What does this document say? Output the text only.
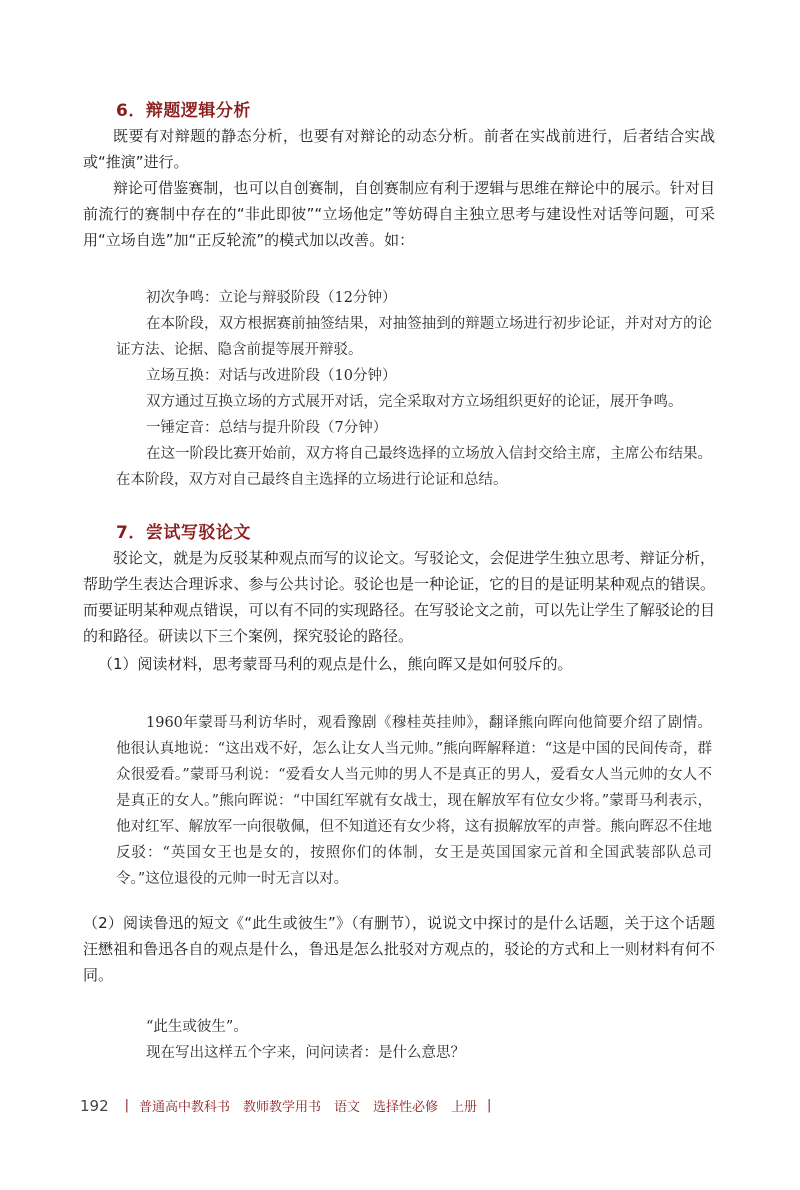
6．辩题逻辑分析

既要有对辩题的静态分析，也要有对辩论的动态分析。前者在实战前进行，后者结合实战或“推演”进行。

辩论可借鉴赛制，也可以自创赛制，自创赛制应有利于逻辑与思维在辩论中的展示。针对目前流行的赛制中存在的“非此即彼”“立场他定”等妨碍自主独立思考与建设性对话等问题，可采用“立场自选”加“正反轮流”的模式加以改善。如：

初次争鸣：立论与辩驳阶段（12分钟）

在本阶段，双方根据赛前抽签结果，对抽签抽到的辩题立场进行初步论证，并对对方的论证方法、论据、隐含前提等展开辩驳。

立场互换：对话与改进阶段（10分钟）

双方通过互换立场的方式展开对话，完全采取对方立场组织更好的论证，展开争鸣。

一锤定音：总结与提升阶段（7分钟）

在这一阶段比赛开始前，双方将自己最终选择的立场放入信封交给主席，主席公布结果。在本阶段，双方对自己最终自主选择的立场进行论证和总结。

7．尝试写驳论文

驳论文，就是为反驳某种观点而写的议论文。写驳论文，会促进学生独立思考、辩证分析，帮助学生表达合理诉求、参与公共讨论。驳论也是一种论证，它的目的是证明某种观点的错误。而要证明某种观点错误，可以有不同的实现路径。在写驳论文之前，可以先让学生了解驳论的目的和路径。研读以下三个案例，探究驳论的路径。

（1）阅读材料，思考蒙哥马利的观点是什么，熊向晖又是如何驳斥的。

1960年蒙哥马利访华时，观看豫剧《穆桂英挂帅》，翻译熊向晖向他简要介绍了剧情。他很认真地说：“这出戏不好，怎么让女人当元帅。”熊向晖解释道：“这是中国的民间传奇，群众很爱看。”蒙哥马利说：“爱看女人当元帅的男人不是真正的男人，爱看女人当元帅的女人不是真正的女人。”熊向晖说：“中国红军就有女战士，现在解放军有位女少将。”蒙哥马利表示，他对红军、解放军一向很敬佩，但不知道还有女少将，这有损解放军的声誉。熊向晖忍不住地反驳：“英国女王也是女的，按照你们的体制，女王是英国国家元首和全国武装部队总司令。”这位退役的元帅一时无言以对。

（2）阅读鲁迅的短文《“此生或彼生”》（有删节），说说文中探讨的是什么话题，关于这个话题汪懋祖和鲁迅各自的观点是什么，鲁迅是怎么批驳对方观点的，驳论的方式和上一则材料有何不同。

“此生或彼生”。

现在写出这样五个字来，问问读者：是什么意思？

192 | 普通高中教科书　教师教学用书　语文　选择性必修　上册 |
